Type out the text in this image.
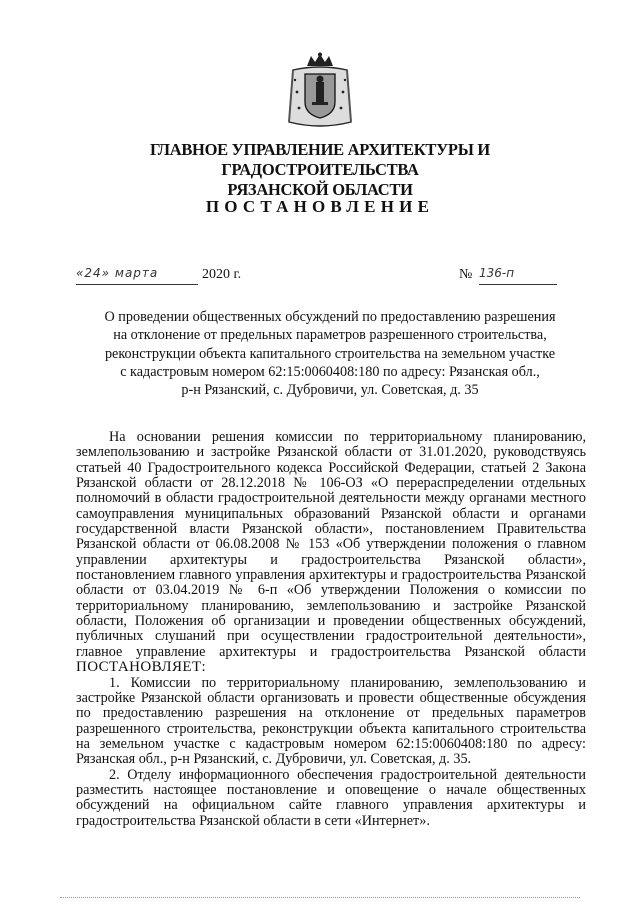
ГЛАВНОЕ УПРАВЛЕНИЕ АРХИТЕКТУРЫ И ГРАДОСТРОИТЕЛЬСТВА
РЯЗАНСКОЙ ОБЛАСТИ
ПОСТАНОВЛЕНИЕ
«24» марта	2020 г.	№ 136-п
О проведении общественных обсуждений по предоставлению разрешения
на отклонение от предельных параметров разрешенного строительства,
реконструкции объекта капитального строительства на земельном участке
с кадастровым номером 62:15:0060408:180 по адресу: Рязанская обл.,
р-н Рязанский, с. Дубровичи, ул. Советская, д. 35

На основании решения комиссии по территориальному планированию, землепользованию и застройке Рязанской области от 31.01.2020, руководствуясь статьей 40 Градостроительного кодекса Российской Федерации, статьей 2 Закона Рязанской области от 28.12.2018 № 106-ОЗ «О перераспределении отдельных полномочий в области градостроительной деятельности между органами местного самоуправления муниципальных образований Рязанской области и органами государственной власти Рязанской области», постановлением Правительства Рязанской области от 06.08.2008 № 153 «Об утверждении положения о главном управлении архитектуры и градостроительства Рязанской области», постановлением главного управления архитектуры и градостроительства Рязанской области от 03.04.2019 № 6-п «Об утверждении Положения о комиссии по территориальному планированию, землепользованию и застройке Рязанской области, Положения об организации и проведении общественных обсуждений, публичных слушаний при осуществлении градостроительной деятельности», главное управление архитектуры и градостроительства Рязанской области

ПОСТАНОВЛЯЕТ:

1. Комиссии по территориальному планированию, землепользованию и застройке Рязанской области организовать и провести общественные обсуждения по предоставлению разрешения на отклонение от предельных параметров разрешенного строительства, реконструкции объекта капитального строительства на земельном участке с кадастровым номером 62:15:0060408:180 по адресу: Рязанская обл., р-н Рязанский, с. Дубровичи, ул. Советская, д. 35.

2. Отделу информационного обеспечения градостроительной деятельности разместить настоящее постановление и оповещение о начале общественных обсуждений на официальном сайте главного управления архитектуры и градостроительства Рязанской области в сети «Интернет».
